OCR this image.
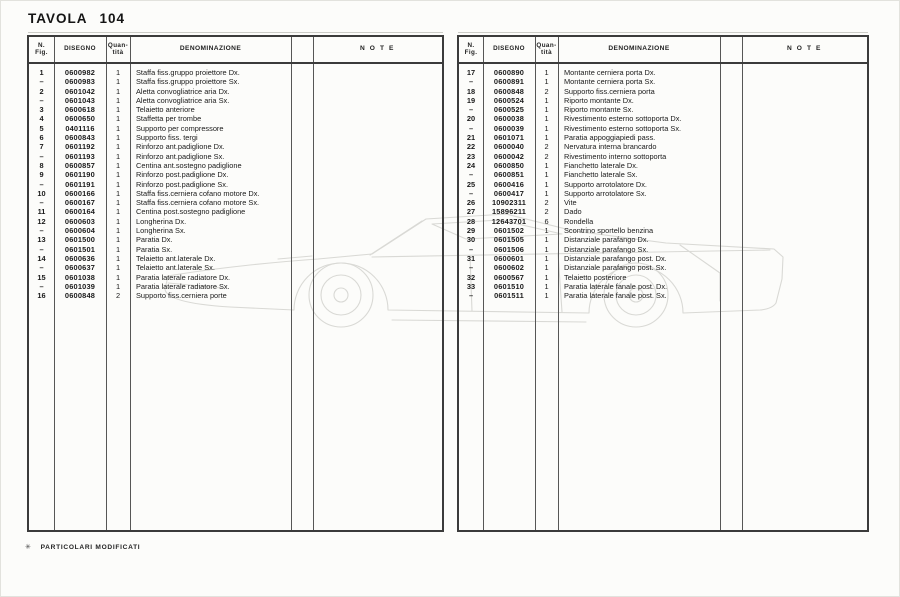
TAVOLA 104
N.
Fig.	DISEGNO	Quan-
tità	DENOMINAZIONE	N O T E
1	0600982	1	Staffa fiss.gruppo proiettore Dx.
–	0600983	1	Staffa fiss.gruppo proiettore Sx.
2	0601042	1	Aletta convogliatrice aria Dx.
–	0601043	1	Aletta convogliatrice aria Sx.
3	0600618	1	Telaietto anteriore
4	0600650	1	Staffetta per trombe
5	0401116	1	Supporto per compressore
6	0600843	1	Supporto fiss. tergi
7	0601192	1	Rinforzo ant.padiglione Dx.
–	0601193	1	Rinforzo ant.padiglione Sx.
8	0600857	1	Centina ant.sostegno padiglione
9	0601190	1	Rinforzo post.padiglione Dx.
–	0601191	1	Rinforzo post.padiglione Sx.
10	0600166	1	Staffa fiss.cerniera cofano motore Dx.
–	0600167	1	Staffa fiss.cerniera cofano motore Sx.
11	0600164	1	Centina post.sostegno padiglione
12	0600603	1	Longherina Dx.
–	0600604	1	Longherina Sx.
13	0601500	1	Paratia Dx.
–	0601501	1	Paratia Sx.
14	0600636	1	Telaietto ant.laterale Dx.
–	0600637	1	Telaietto ant.laterale Sx.
15	0601038	1	Paratia laterale radiatore Dx.
–	0601039	1	Paratia laterale radiatore Sx.
16	0600848	2	Supporto fiss.cerniera porte
N.
Fig.	DISEGNO	Quan-
tità	DENOMINAZIONE	N O T E
17	0600890	1	Montante cerniera porta Dx.
–	0600891	1	Montante cerniera porta Sx.
18	0600848	2	Supporto fiss.cerniera porta
19	0600524	1	Riporto montante Dx.
–	0600525	1	Riporto montante Sx.
20	0600038	1	Rivestimento esterno sottoporta Dx.
–	0600039	1	Rivestimento esterno sottoporta Sx.
21	0601071	1	Paratia appoggiapiedi pass.
22	0600040	2	Nervatura interna brancardo
23	0600042	2	Rivestimento interno sottoporta
24	0600850	1	Fianchetto laterale Dx.
–	0600851	1	Fianchetto laterale Sx.
25	0600416	1	Supporto arrotolatore Dx.
–	0600417	1	Supporto arrotolatore Sx.
26	10902311	2	Vite
27	15896211	2	Dado
28	12643701	6	Rondella
29	0601502	1	Scontrino sportello benzina
30	0601505	1	Distanziale parafango Dx.
–	0601506	1	Distanziale parafango Sx.
31	0600601	1	Distanziale parafango post. Dx.
–	0600602	1	Distanziale parafango post. Sx.
32	0600567	1	Telaietto posteriore
33	0601510	1	Paratia laterale fanale post. Dx.
–	0601511	1	Paratia laterale fanale post. Sx.
✳ PARTICOLARI MODIFICATI
